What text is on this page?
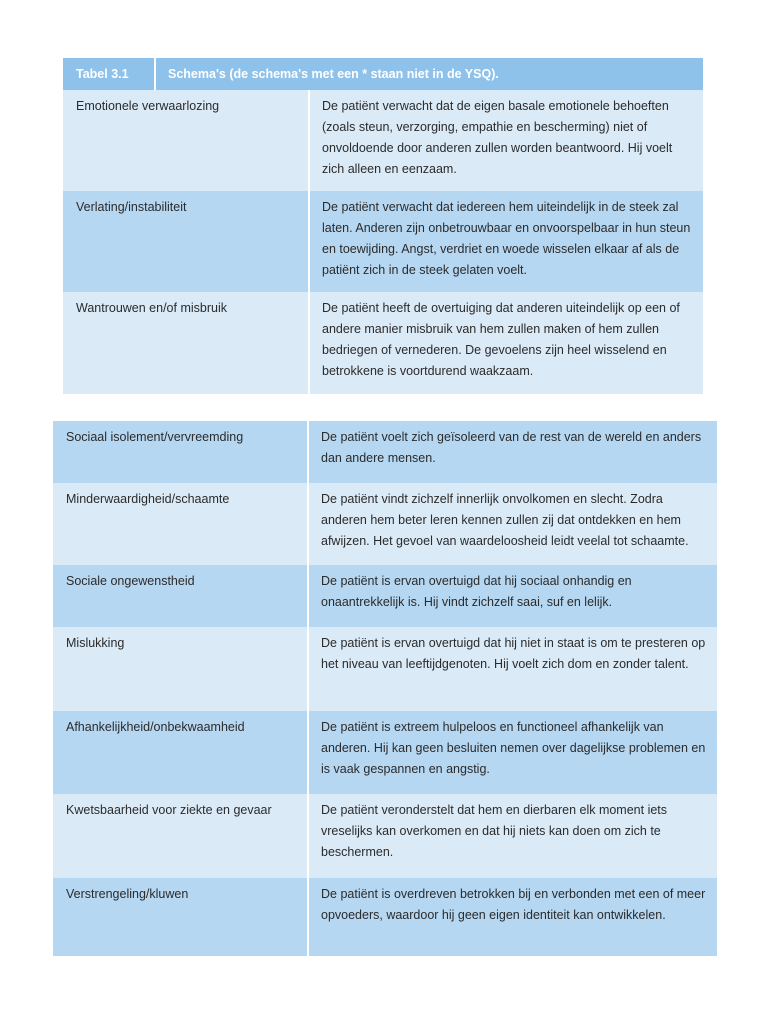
Tabel 3.1	Schema's (de schema's met een * staan niet in de YSQ).
Emotionele verwaarlozing	De patiënt verwacht dat de eigen basale emotionele behoeften (zoals steun, verzorging, empathie en bescherming) niet of onvoldoende door anderen zullen worden beantwoord. Hij voelt zich alleen en eenzaam.
Verlating/instabiliteit	De patiënt verwacht dat iedereen hem uiteindelijk in de steek zal laten. Anderen zijn onbetrouwbaar en onvoorspelbaar in hun steun en toewijding. Angst, verdriet en woede wisselen elkaar af als de patiënt zich in de steek gelaten voelt.
Wantrouwen en/of misbruik	De patiënt heeft de overtuiging dat anderen uiteindelijk op een of andere manier misbruik van hem zullen maken of hem zullen bedriegen of vernederen. De gevoelens zijn heel wisselend en betrokkene is voortdurend waakzaam.
Sociaal isolement/vervreemding	De patiënt voelt zich geïsoleerd van de rest van de wereld en anders dan andere mensen.
Minderwaardigheid/schaamte	De patiënt vindt zichzelf innerlijk onvolkomen en slecht. Zodra anderen hem beter leren kennen zullen zij dat ontdekken en hem afwijzen. Het gevoel van waardeloosheid leidt veelal tot schaamte.
Sociale ongewenstheid	De patiënt is ervan overtuigd dat hij sociaal onhandig en onaantrekkelijk is. Hij vindt zichzelf saai, suf en lelijk.
Mislukking	De patiënt is ervan overtuigd dat hij niet in staat is om te presteren op het niveau van leeftijdgenoten. Hij voelt zich dom en zonder talent.
Afhankelijkheid/onbekwaamheid	De patiënt is extreem hulpeloos en functioneel afhankelijk van anderen. Hij kan geen besluiten nemen over dagelijkse problemen en is vaak gespannen en angstig.
Kwetsbaarheid voor ziekte en gevaar	De patiënt veronderstelt dat hem en dierbaren elk moment iets vreselijks kan overkomen en dat hij niets kan doen om zich te beschermen.
Verstrengeling/kluwen	De patiënt is overdreven betrokken bij en verbonden met een of meer opvoeders, waardoor hij geen eigen identiteit kan ontwikkelen.
